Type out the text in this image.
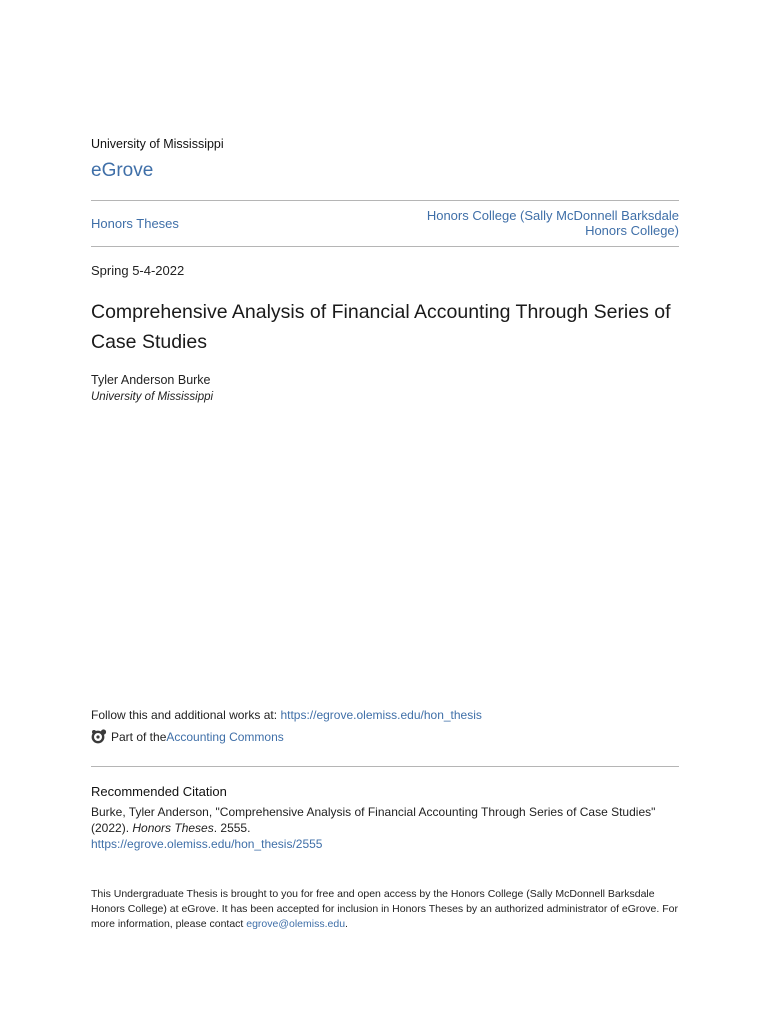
University of Mississippi
eGrove
Honors Theses
Honors College (Sally McDonnell Barksdale
Honors College)
Spring 5-4-2022
Comprehensive Analysis of Financial Accounting Through Series of Case Studies
Tyler Anderson Burke
University of Mississippi
Follow this and additional works at: https://egrove.olemiss.edu/hon_thesis
Part of the Accounting Commons
Recommended Citation
Burke, Tyler Anderson, "Comprehensive Analysis of Financial Accounting Through Series of Case Studies"
(2022). Honors Theses. 2555.
https://egrove.olemiss.edu/hon_thesis/2555
This Undergraduate Thesis is brought to you for free and open access by the Honors College (Sally McDonnell Barksdale Honors College) at eGrove. It has been accepted for inclusion in Honors Theses by an authorized administrator of eGrove. For more information, please contact egrove@olemiss.edu.
